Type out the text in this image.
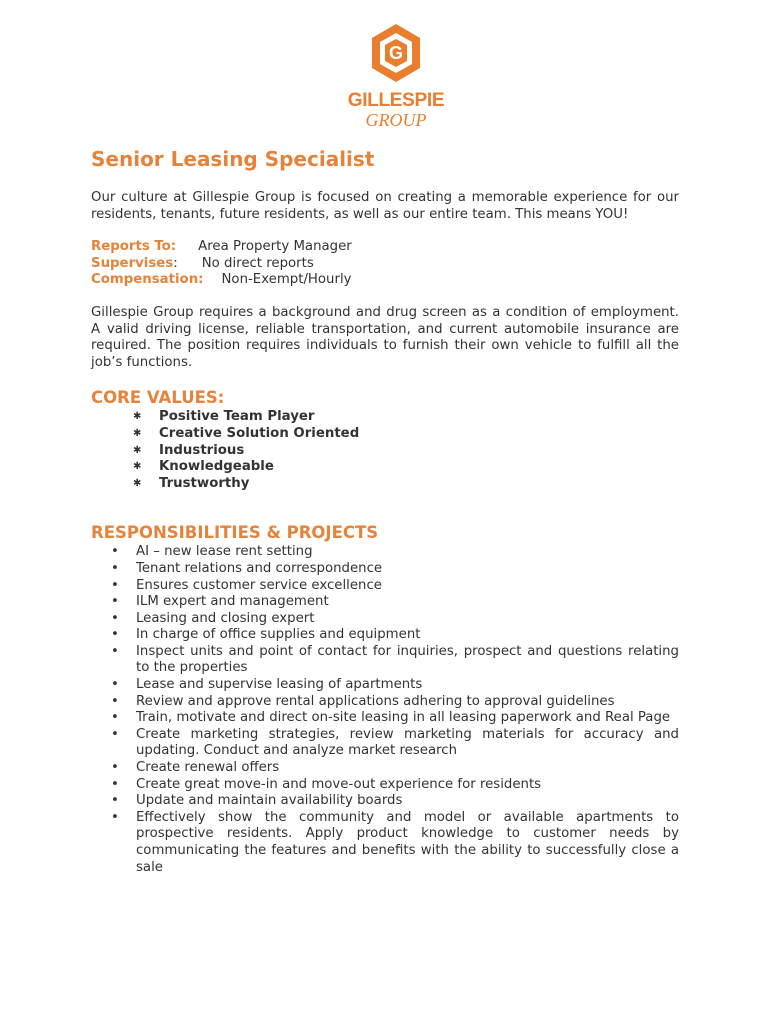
G
GILLESPIE
GROUP
Senior Leasing Specialist

Our culture at Gillespie Group is focused on creating a memorable experience for our residents, tenants, future residents, as well as our entire team. This means YOU!

Reports To: Area Property Manager
Supervises: No direct reports
Compensation: Non-Exempt/Hourly

Gillespie Group requires a background and drug screen as a condition of employment. A valid driving license, reliable transportation, and current automobile insurance are required. The position requires individuals to furnish their own vehicle to fulfill all the job’s functions.

CORE VALUES:
✱ Positive Team Player
✱ Creative Solution Oriented
✱ Industrious
✱ Knowledgeable
✱ Trustworthy
RESPONSIBILITIES & PROJECTS
• AI – new lease rent setting
• Tenant relations and correspondence
• Ensures customer service excellence
• ILM expert and management
• Leasing and closing expert
• In charge of office supplies and equipment
• Inspect units and point of contact for inquiries, prospect and questions relating to the properties
• Lease and supervise leasing of apartments
• Review and approve rental applications adhering to approval guidelines
• Train, motivate and direct on-site leasing in all leasing paperwork and Real Page
• Create marketing strategies, review marketing materials for accuracy and updating. Conduct and analyze market research
• Create renewal offers
• Create great move-in and move-out experience for residents
• Update and maintain availability boards
• Effectively show the community and model or available apartments to prospective residents. Apply product knowledge to customer needs by communicating the features and benefits with the ability to successfully close a sale
